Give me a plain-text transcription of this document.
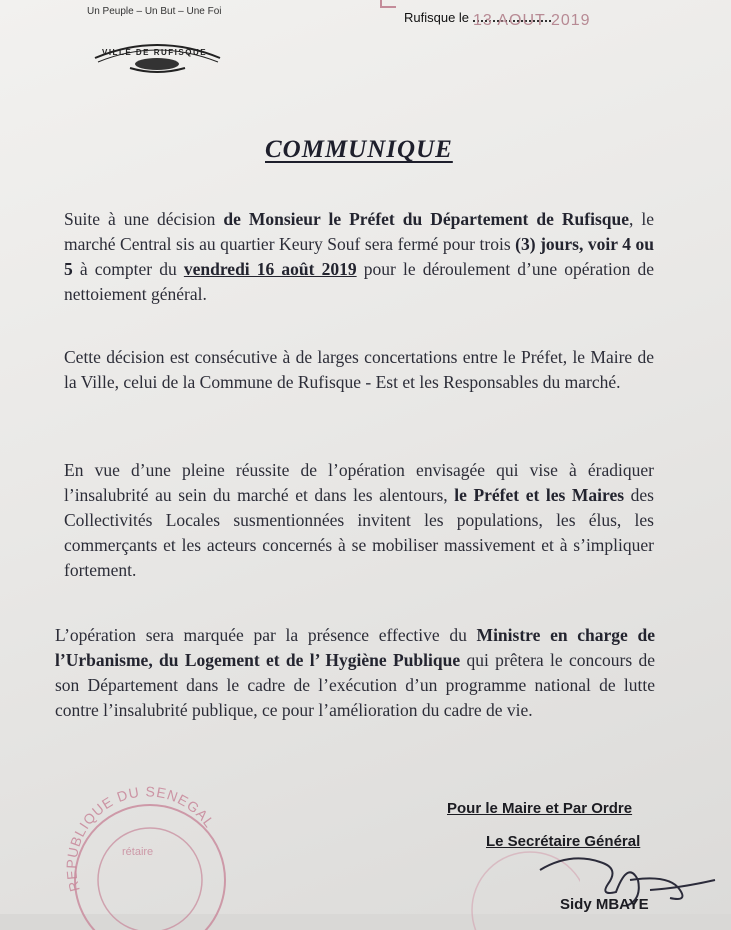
Un Peuple – Un But – Une Foi
VILLE DE RUFISQUE
Rufisque le 13 AOUT 2019
COMMUNIQUE
Suite à une décision de Monsieur le Préfet du Département de Rufisque, le marché Central sis au quartier Keury Souf sera fermé pour trois (3) jours, voir 4 ou 5 à compter du vendredi 16 août 2019 pour le déroulement d’une opération de nettoiement général.
Cette décision est consécutive à de larges concertations entre le Préfet, le Maire de la Ville, celui de la Commune de Rufisque - Est et les Responsables du marché.
En vue d’une pleine réussite de l’opération envisagée qui vise à éradiquer l’insalubrité au sein du marché et dans les alentours, le Préfet et les Maires des Collectivités Locales susmentionnées invitent les populations, les élus, les commerçants et les acteurs concernés à se mobiliser massivement et à s’impliquer fortement.
L’opération sera marquée par la présence effective du Ministre en charge de l’Urbanisme, du Logement et de l’ Hygiène Publique qui prêtera le concours de son Département dans le cadre de l’exécution d’un programme national de lutte contre l’insalubrité publique, ce pour l’amélioration du cadre de vie.
REPUBLIQUE DU SENEGAL
rétaire
Pour le Maire et Par Ordre
Le Secrétaire Général
Sidy MBAYE
